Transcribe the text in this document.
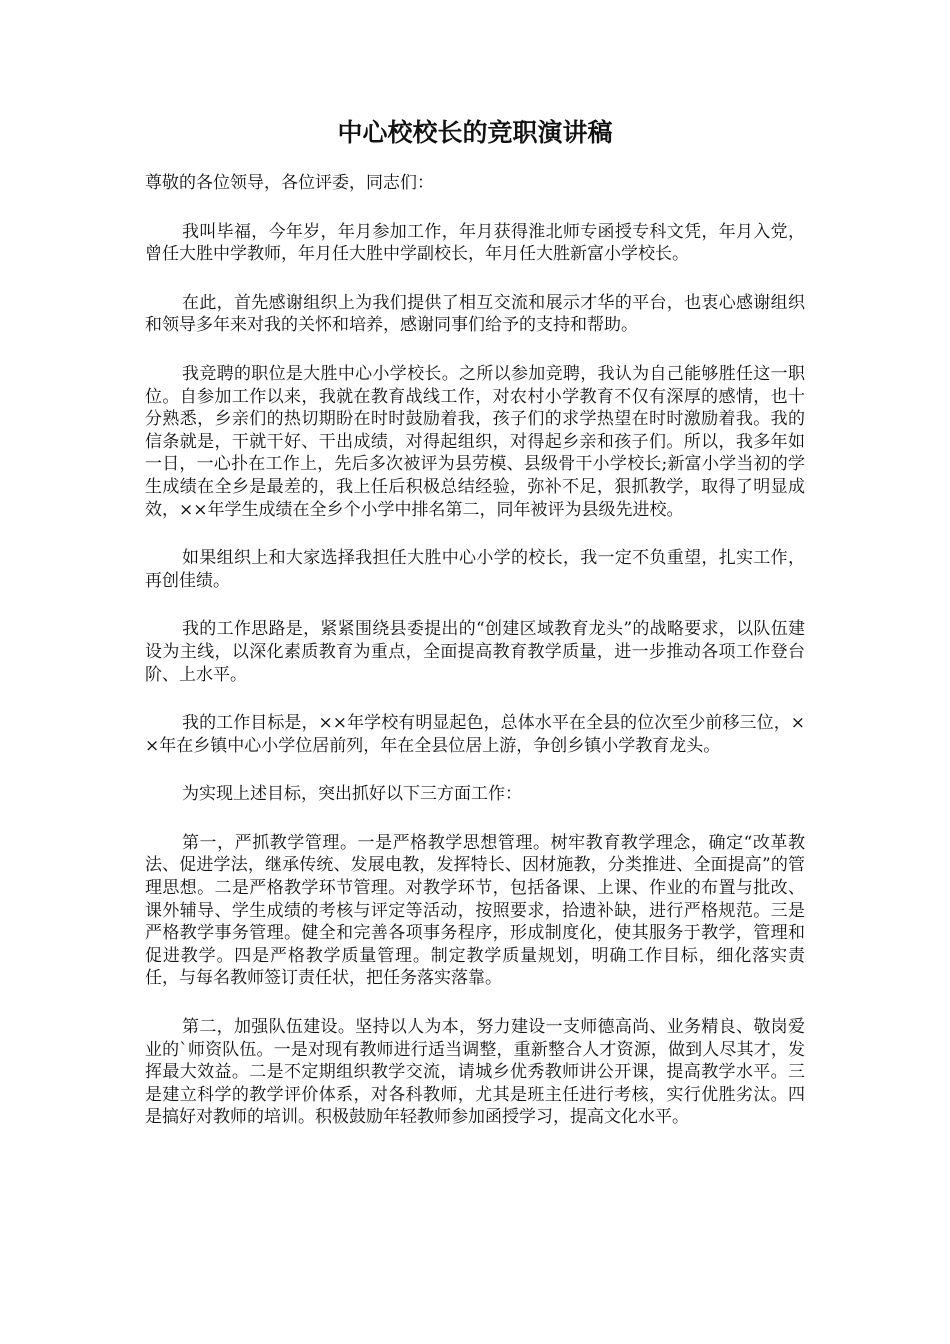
中心校校长的竞职演讲稿

尊敬的各位领导，各位评委，同志们：

我叫毕福，今年岁，年月参加工作，年月获得淮北师专函授专科文凭，年月入党，曾任大胜中学教师，年月任大胜中学副校长，年月任大胜新富小学校长。

在此，首先感谢组织上为我们提供了相互交流和展示才华的平台，也衷心感谢组织和领导多年来对我的关怀和培养，感谢同事们给予的支持和帮助。

我竞聘的职位是大胜中心小学校长。之所以参加竞聘，我认为自己能够胜任这一职位。自参加工作以来，我就在教育战线工作，对农村小学教育不仅有深厚的感情，也十分熟悉，乡亲们的热切期盼在时时鼓励着我，孩子们的求学热望在时时激励着我。我的信条就是，干就干好、干出成绩，对得起组织，对得起乡亲和孩子们。所以，我多年如一日，一心扑在工作上，先后多次被评为县劳模、县级骨干小学校长;新富小学当初的学生成绩在全乡是最差的，我上任后积极总结经验，弥补不足，狠抓教学，取得了明显成效，××年学生成绩在全乡个小学中排名第二，同年被评为县级先进校。

如果组织上和大家选择我担任大胜中心小学的校长，我一定不负重望，扎实工作，再创佳绩。

我的工作思路是，紧紧围绕县委提出的“创建区域教育龙头”的战略要求，以队伍建设为主线，以深化素质教育为重点，全面提高教育教学质量，进一步推动各项工作登台阶、上水平。

我的工作目标是，××年学校有明显起色，总体水平在全县的位次至少前移三位，××年在乡镇中心小学位居前列，年在全县位居上游，争创乡镇小学教育龙头。

为实现上述目标，突出抓好以下三方面工作：

第一，严抓教学管理。一是严格教学思想管理。树牢教育教学理念，确定“改革教法、促进学法，继承传统、发展电教，发挥特长、因材施教，分类推进、全面提高”的管理思想。二是严格教学环节管理。对教学环节，包括备课、上课、作业的布置与批改、课外辅导、学生成绩的考核与评定等活动，按照要求，拾遗补缺，进行严格规范。三是严格教学事务管理。健全和完善各项事务程序，形成制度化，使其服务于教学，管理和促进教学。四是严格教学质量管理。制定教学质量规划，明确工作目标，细化落实责任，与每名教师签订责任状，把任务落实落靠。

第二，加强队伍建设。坚持以人为本，努力建设一支师德高尚、业务精良、敬岗爱业的`师资队伍。一是对现有教师进行适当调整，重新整合人才资源，做到人尽其才，发挥最大效益。二是不定期组织教学交流，请城乡优秀教师讲公开课，提高教学水平。三是建立科学的教学评价体系，对各科教师，尤其是班主任进行考核，实行优胜劣汰。四是搞好对教师的培训。积极鼓励年轻教师参加函授学习，提高文化水平。
